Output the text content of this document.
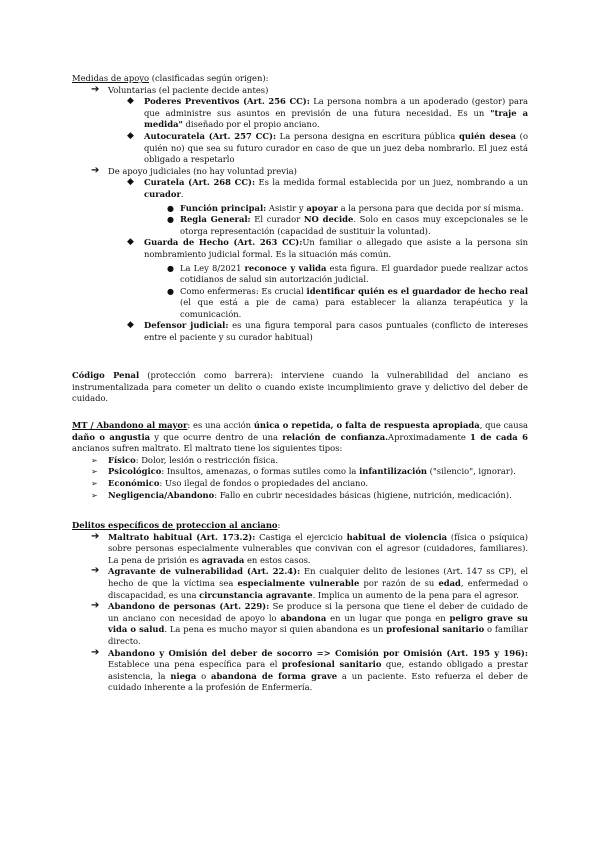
Medidas de apoyo (clasificadas según origen):
➔ Voluntarias (el paciente decide antes)
◆ Poderes Preventivos (Art. 256 CC): La persona nombra a un apoderado (gestor) para que administre sus asuntos en previsión de una futura necesidad. Es un "traje a medida" diseñado por el propio anciano.
◆ Autocuratela (Art. 257 CC): La persona designa en escritura pública quién desea (o quién no) que sea su futuro curador en caso de que un juez deba nombrarlo. El juez está obligado a respetarlo
➔ De apoyo judiciales (no hay voluntad previa)
◆ Curatela (Art. 268 CC): Es la medida formal establecida por un juez, nombrando a un curador.
● Función principal: Asistir y apoyar a la persona para que decida por sí misma.
● Regla General: El curador NO decide. Solo en casos muy excepcionales se le otorga representación (capacidad de sustituir la voluntad).
◆ Guarda de Hecho (Art. 263 CC):Un familiar o allegado que asiste a la persona sin nombramiento judicial formal. Es la situación más común.
● La Ley 8/2021 reconoce y valida esta figura. El guardador puede realizar actos cotidianos de salud sin autorización judicial.
● Como enfermeras: Es crucial identificar quién es el guardador de hecho real (el que está a pie de cama) para establecer la alianza terapéutica y la comunicación.
◆ Defensor judicial: es una figura temporal para casos puntuales (conflicto de intereses entre el paciente y su curador habitual)
Código Penal (protección como barrera): interviene cuando la vulnerabilidad del anciano es instrumentalizada para cometer un delito o cuando existe incumplimiento grave y delictivo del deber de cuidado.
MT / Abandono al mayor: es una acción única o repetida, o falta de respuesta apropiada, que causa daño o angustia y que ocurre dentro de una relación de confianza.Aproximadamente 1 de cada 6 ancianos sufren maltrato. El maltrato tiene los siguientes tipos:
➢ Físico: Dolor, lesión o restricción física.
➢ Psicológico: Insultos, amenazas, o formas sutiles como la infantilización ("silencio", ignorar).
➢ Económico: Uso ilegal de fondos o propiedades del anciano.
➢ Negligencia/Abandono: Fallo en cubrir necesidades básicas (higiene, nutrición, medicación).
Delitos específicos de proteccion al anciano:
➔ Maltrato habitual (Art. 173.2): Castiga el ejercicio habitual de violencia (física o psíquica) sobre personas especialmente vulnerables que convivan con el agresor (cuidadores, familiares). La pena de prisión es agravada en estos casos.
➔ Agravante de vulnerabilidad (Art. 22.4): En cualquier delito de lesiones (Art. 147 ss CP), el hecho de que la víctima sea especialmente vulnerable por razón de su edad, enfermedad o discapacidad, es una circunstancia agravante. Implica un aumento de la pena para el agresor.
➔ Abandono de personas (Art. 229): Se produce si la persona que tiene el deber de cuidado de un anciano con necesidad de apoyo lo abandona en un lugar que ponga en peligro grave su vida o salud. La pena es mucho mayor si quien abandona es un profesional sanitario o familiar directo.
➔ Abandono y Omisión del deber de socorro => Comisión por Omisión (Art. 195 y 196): Establece una pena específica para el profesional sanitario que, estando obligado a prestar asistencia, la niega o abandona de forma grave a un paciente. Esto refuerza el deber de cuidado inherente a la profesión de Enfermería.
